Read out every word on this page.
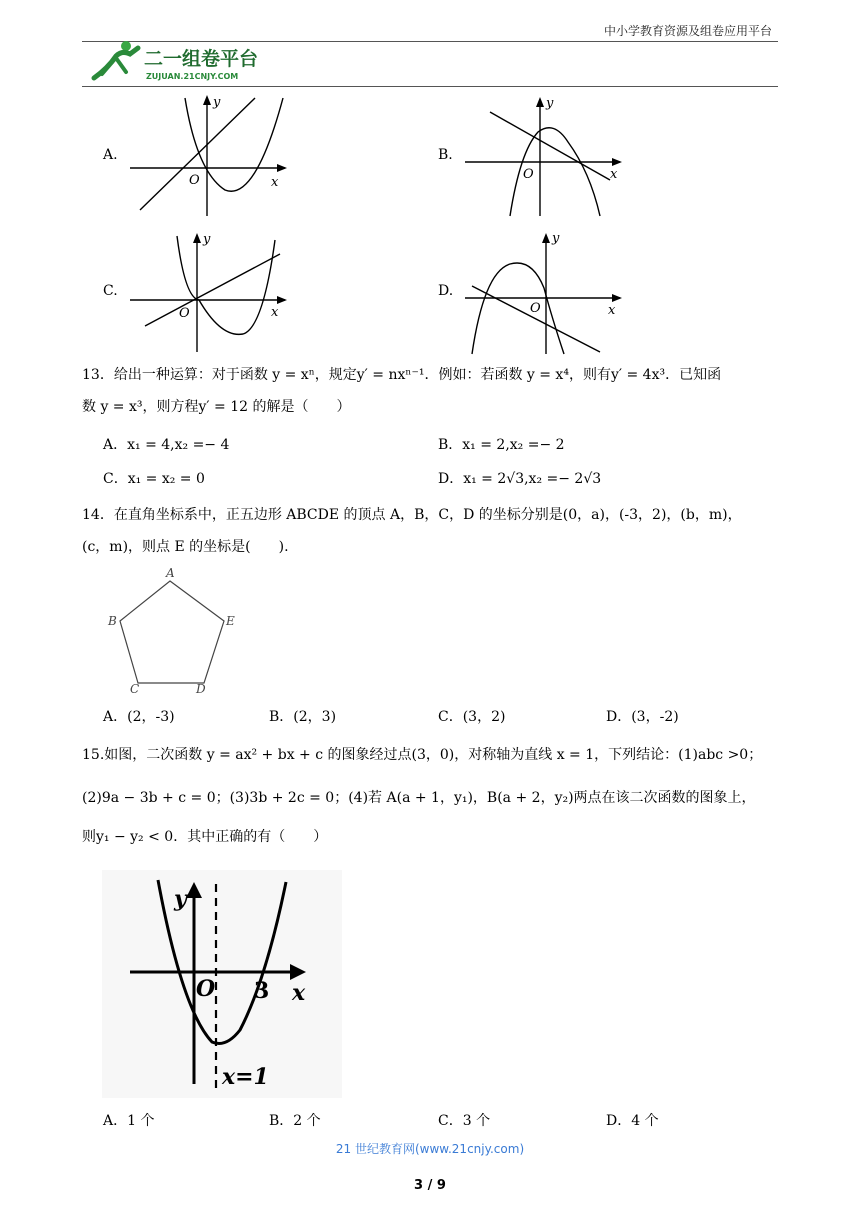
中小学教育资源及组卷应用平台
二一组卷平台
ZUJUAN.21CNJY.COM
A.
y
O	x
B.
y
O	x
C.
y
O	x
D.
y
O	x
13．给出一种运算：对于函数 y = xⁿ，规定y′ = nxⁿ⁻¹．例如：若函数 y = x⁴，则有y′ = 4x³．已知函
数 y = x³，则方程y′ = 12 的解是（　　）
A．x₁ = 4,x₂ =− 4	B．x₁ = 2,x₂ =− 2
C．x₁ = x₂ = 0	D．x₁ = 2√3,x₂ =− 2√3
14．在直角坐标系中，正五边形 ABCDE 的顶点 A，B，C，D 的坐标分别是(0，a)，(-3，2)，(b，m)，
(c，m)，则点 E 的坐标是(　　).
A
B
C	D
E
A．(2，-3)	B．(2，3)	C．(3，2)	D．(3，-2)
15.如图，二次函数 y = ax² + bx + c 的图象经过点(3，0)，对称轴为直线 x = 1，下列结论：(1)abc >0；
(2)9a − 3b + c = 0；(3)3b + 2c = 0；(4)若 A(a + 1，y₁)，B(a + 2，y₂)两点在该二次函数的图象上，
则y₁ − y₂ < 0．其中正确的有（　　）
y
O 3 x
x=1
A．1 个	B．2 个	C．3 个	D．4 个
21 世纪教育网(www.21cnjy.com)
3 / 9
